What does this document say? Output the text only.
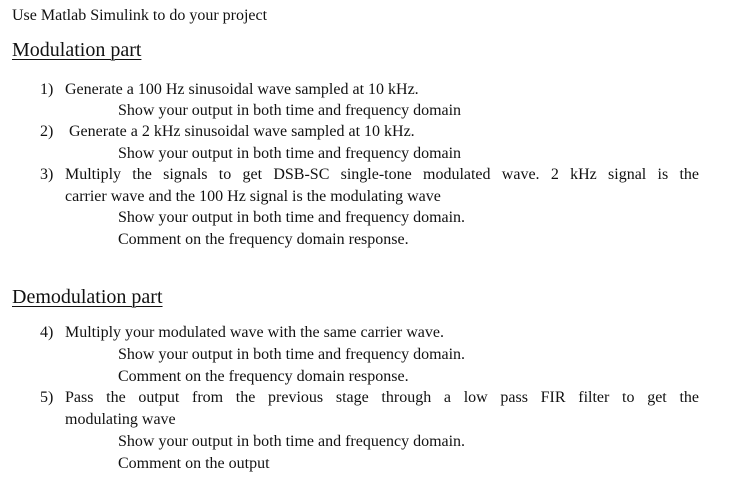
Use Matlab Simulink to do your project
Modulation part
1) Generate a 100 Hz sinusoidal wave sampled at 10 kHz.
Show your output in both time and frequency domain
2) Generate a 2 kHz sinusoidal wave sampled at 10 kHz.
Show your output in both time and frequency domain
3) Multiply the signals to get DSB-SC single-tone modulated wave. 2 kHz signal is the
carrier wave and the 100 Hz signal is the modulating wave
Show your output in both time and frequency domain.
Comment on the frequency domain response.
Demodulation part
4) Multiply your modulated wave with the same carrier wave.
Show your output in both time and frequency domain.
Comment on the frequency domain response.
5) Pass the output from the previous stage through a low pass FIR filter to get the
modulating wave
Show your output in both time and frequency domain.
Comment on the output
